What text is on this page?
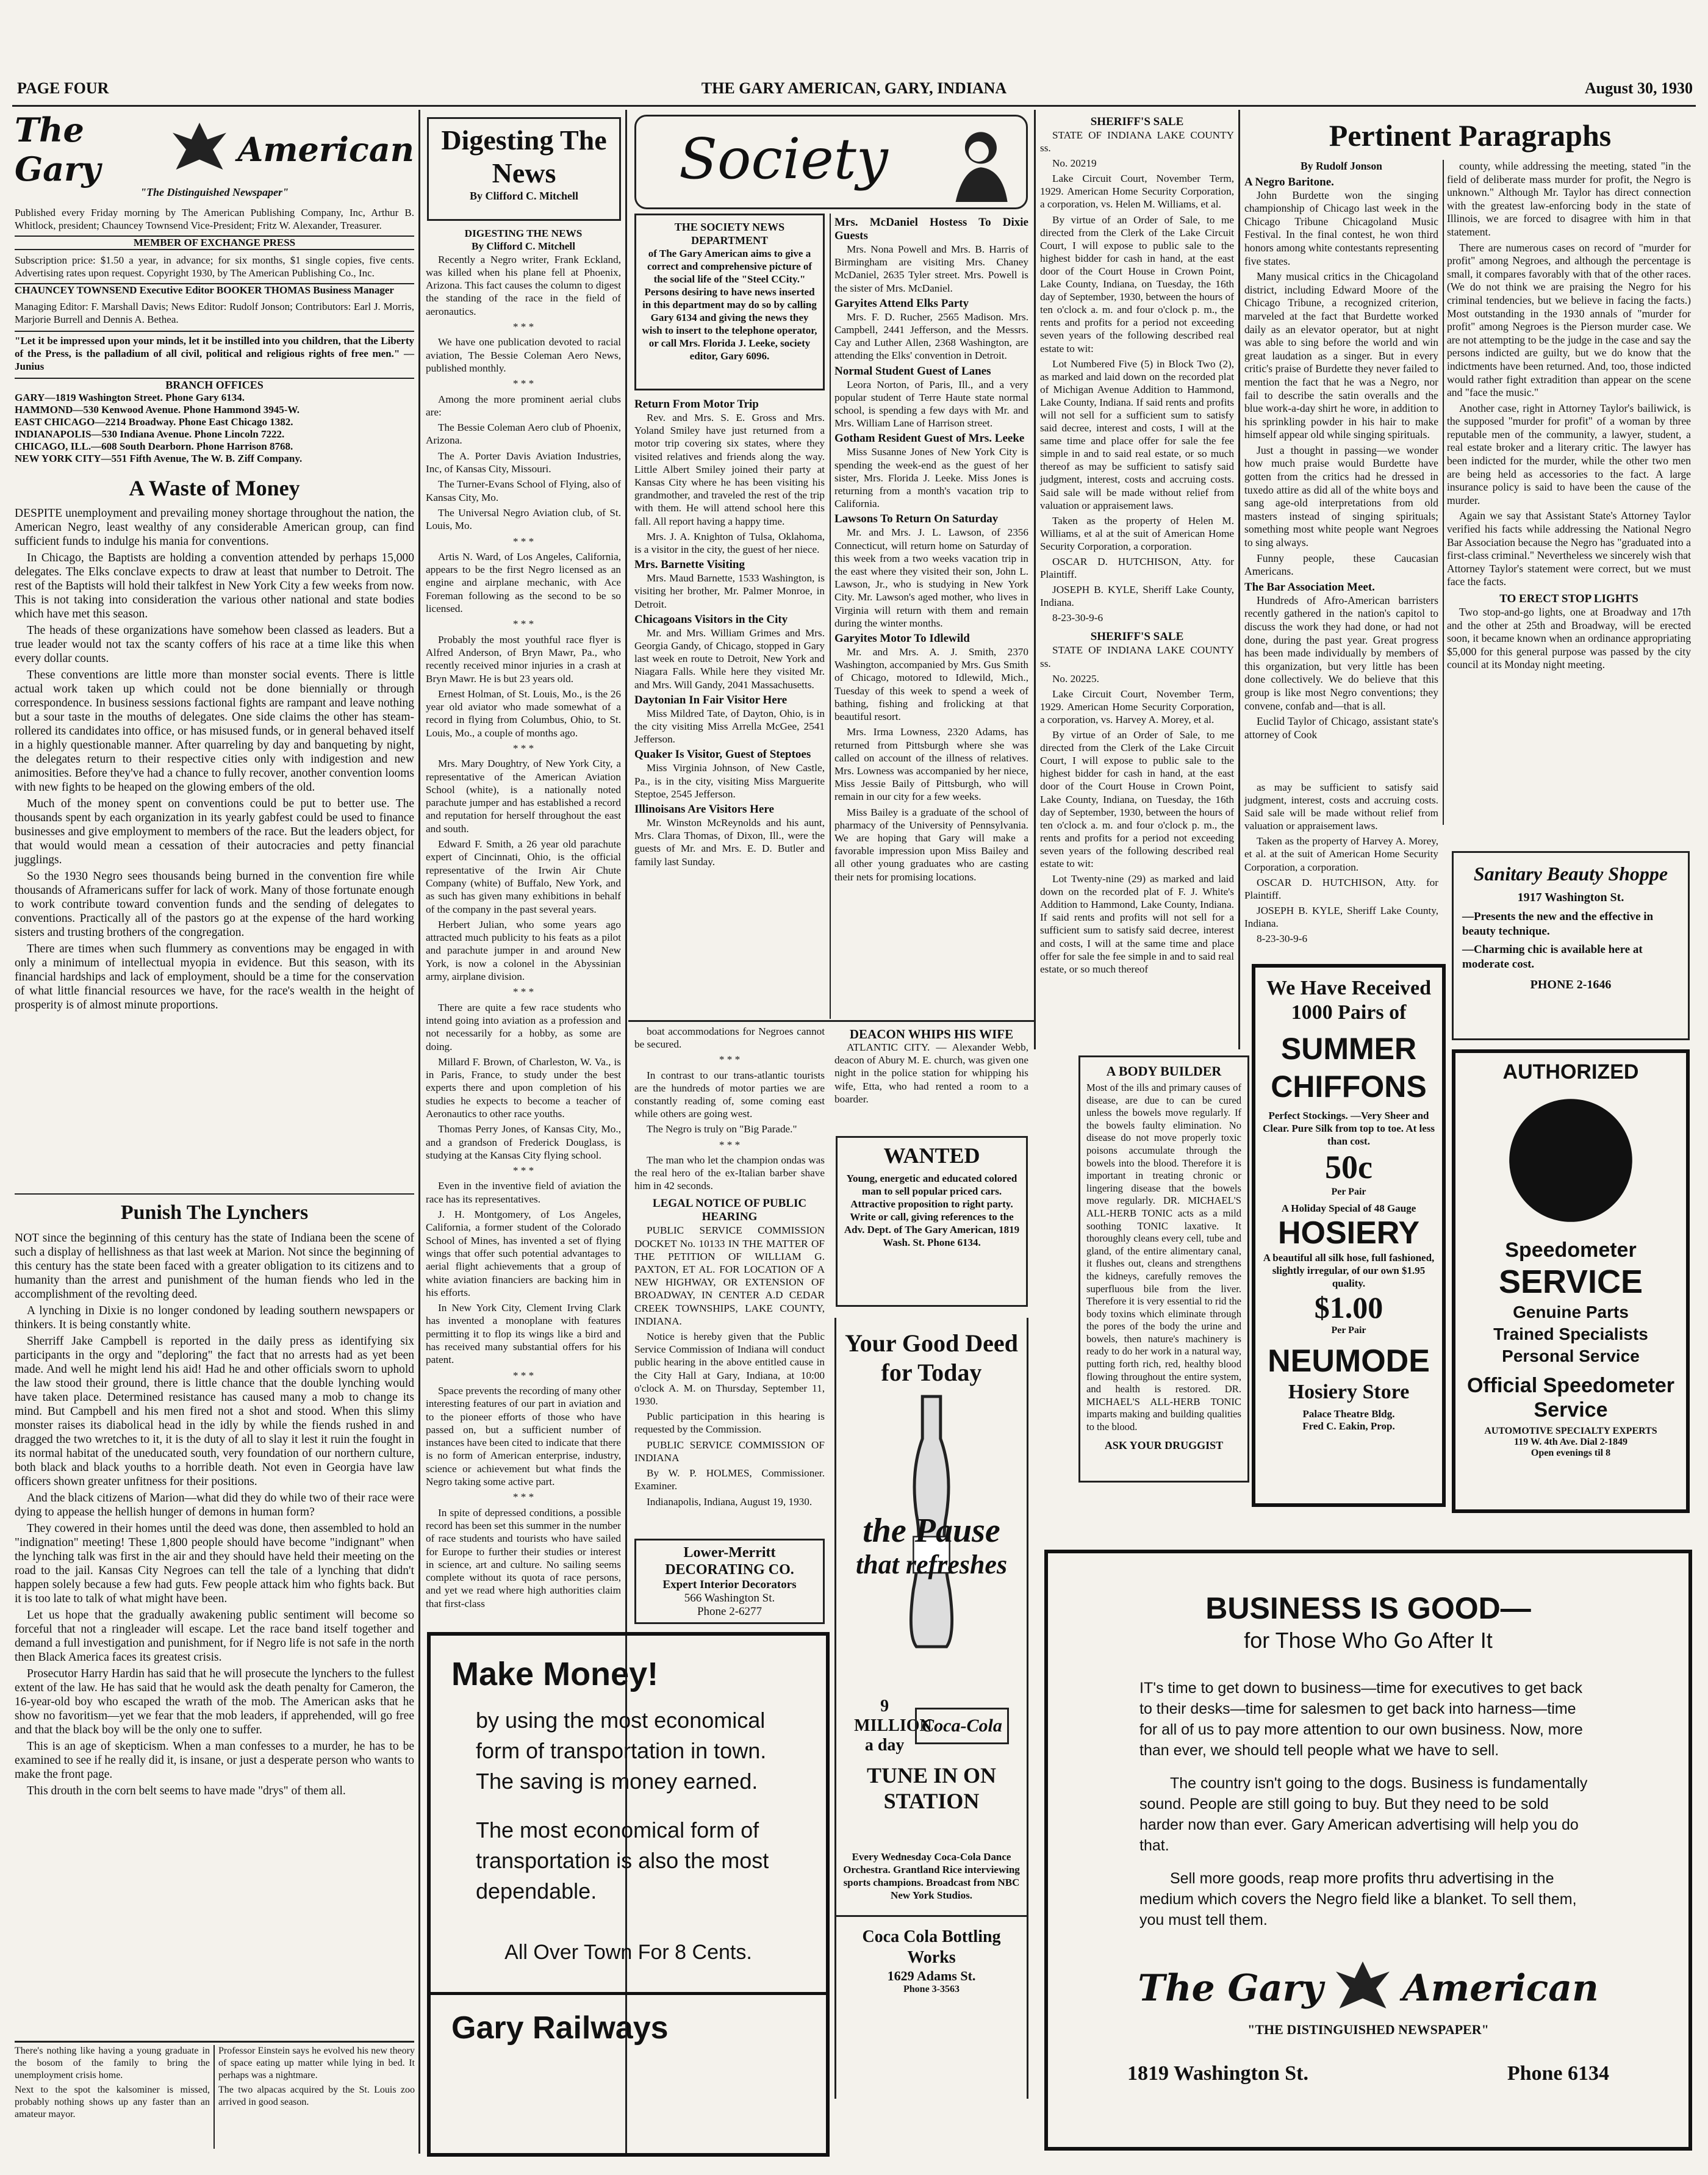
PAGE FOUR	THE GARY AMERICAN, GARY, INDIANA	August 30, 1930
The Gary	American
"The Distinguished Newspaper"
Published every Friday morning by The American Publishing Company, Inc, Arthur B. Whitlock, president; Chauncey Townsend Vice-President; Fritz W. Alexander, Treasurer.
MEMBER OF EXCHANGE PRESS
Subscription price: $1.50 a year, in advance; for six months, $1 single copies, five cents. Advertising rates upon request. Copyright 1930, by The American Publishing Co., Inc.
CHAUNCEY TOWNSEND Executive Editor BOOKER THOMAS Business Manager
Managing Editor: F. Marshall Davis; News Editor: Rudolf Jonson; Contributors: Earl J. Morris, Marjorie Burrell and Dennis A. Bethea.
"Let it be impressed upon your minds, let it be instilled into you children, that the Liberty of the Press, is the palladium of all civil, political and religious rights of free men." —Junius
BRANCH OFFICES
GARY—1819 Washington Street. Phone Gary 6134.
HAMMOND—530 Kenwood Avenue. Phone Hammond 3945-W.
EAST CHICAGO—2214 Broadway. Phone East Chicago 1382.
INDIANAPOLIS—530 Indiana Avenue. Phone Lincoln 7222.
CHICAGO, ILL.—608 South Dearborn. Phone Harrison 8768.
NEW YORK CITY—551 Fifth Avenue, The W. B. Ziff Company.
A Waste of Money

DESPITE unemployment and prevailing money shortage throughout the nation, the American Negro, least wealthy of any considerable American group, can find sufficient funds to indulge his mania for conventions.

In Chicago, the Baptists are holding a convention attended by perhaps 15,000 delegates. The Elks conclave expects to draw at least that number to Detroit. The rest of the Baptists will hold their talkfest in New York City a few weeks from now. This is not taking into consideration the various other national and state bodies which have met this season.

The heads of these organizations have somehow been classed as leaders. But a true leader would not tax the scanty coffers of his race at a time like this when every dollar counts.

These conventions are little more than monster social events. There is little actual work taken up which could not be done biennially or through correspondence. In business sessions factional fights are rampant and leave nothing but a sour taste in the mouths of delegates. One side claims the other has steam-rollered its candidates into office, or has misused funds, or in general behaved itself in a highly questionable manner. After quarreling by day and banqueting by night, the delegates return to their respective cities only with indigestion and new animosities. Before they've had a chance to fully recover, another convention looms with new fights to be heaped on the glowing embers of the old.

Much of the money spent on conventions could be put to better use. The thousands spent by each organization in its yearly gabfest could be used to finance businesses and give employment to members of the race. But the leaders object, for that would would mean a cessation of their autocracies and petty financial jugglings.

So the 1930 Negro sees thousands being burned in the convention fire while thousands of Aframericans suffer for lack of work. Many of those fortunate enough to work contribute toward convention funds and the sending of delegates to conventions. Practically all of the pastors go at the expense of the hard working sisters and trusting brothers of the congregation.

There are times when such flummery as conventions may be engaged in with only a minimum of intellectual myopia in evidence. But this season, with its financial hardships and lack of employment, should be a time for the conservation of what little financial resources we have, for the race's wealth in the height of prosperity is of almost minute proportions.

Punish The Lynchers

NOT since the beginning of this century has the state of Indiana been the scene of such a display of hellishness as that last week at Marion. Not since the beginning of this century has the state been faced with a greater obligation to its citizens and to humanity than the arrest and punishment of the human fiends who led in the accomplishment of the revolting deed.

A lynching in Dixie is no longer condoned by leading southern newspapers or thinkers. It is being constantly white.

Sherriff Jake Campbell is reported in the daily press as identifying six participants in the orgy and "deploring" the fact that no arrests had as yet been made. And well he might lend his aid! Had he and other officials sworn to uphold the law stood their ground, there is little chance that the double lynching would have taken place. Determined resistance has caused many a mob to change its mind. But Campbell and his men fired not a shot and stood. When this slimy monster raises its diabolical head in the idly by while the fiends rushed in and dragged the two wretches to it, it is the duty of all to slay it lest it ruin the fought in its normal habitat of the uneducated south, very foundation of our northern culture, both black and black youths to a horrible death. Not even in Georgia have law officers shown greater unfitness for their positions.

And the black citizens of Marion—what did they do while two of their race were dying to appease the hellish hunger of demons in human form?

They cowered in their homes until the deed was done, then assembled to hold an "indignation" meeting! These 1,800 people should have become "indignant" when the lynching talk was first in the air and they should have held their meeting on the road to the jail. Kansas City Negroes can tell the tale of a lynching that didn't happen solely because a few had guts. Few people attack him who fights back. But it is too late to talk of what might have been.

Let us hope that the gradually awakening public sentiment will become so forceful that not a ringleader will escape. Let the race band itself together and demand a full investigation and punishment, for if Negro life is not safe in the north then Black America faces its greatest crisis.

Prosecutor Harry Hardin has said that he will prosecute the lynchers to the fullest extent of the law. He has said that he would ask the death penalty for Cameron, the 16-year-old boy who escaped the wrath of the mob. The American asks that he show no favoritism—yet we fear that the mob leaders, if apprehended, will go free and that the black boy will be the only one to suffer.

This is an age of skepticism. When a man confesses to a murder, he has to be examined to see if he really did it, is insane, or just a desperate person who wants to make the front page.

This drouth in the corn belt seems to have made "drys" of them all.

There's nothing like having a young graduate in the bosom of the family to bring the unemployment crisis home.

Next to the spot the kalsominer is missed, probably nothing shows up any faster than an amateur mayor.

Professor Einstein says he evolved his new theory of space eating up matter while lying in bed. It perhaps was a nightmare.

The two alpacas acquired by the St. Louis zoo arrived in good season.

Digesting The News
By Clifford C. Mitchell
DIGESTING THE NEWS
By Clifford C. Mitchell

Recently a Negro writer, Frank Eckland, was killed when his plane fell at Phoenix, Arizona. This fact causes the column to digest the standing of the race in the field of aeronautics.

* * *

We have one publication devoted to racial aviation, The Bessie Coleman Aero News, published monthly.

* * *

Among the more prominent aerial clubs are:

The Bessie Coleman Aero club of Phoenix, Arizona.

The A. Porter Davis Aviation Industries, Inc, of Kansas City, Missouri.

The Turner-Evans School of Flying, also of Kansas City, Mo.

The Universal Negro Aviation club, of St. Louis, Mo.

* * *

Artis N. Ward, of Los Angeles, California, appears to be the first Negro licensed as an engine and airplane mechanic, with Ace Foreman following as the second to be so licensed.

* * *

Probably the most youthful race flyer is Alfred Anderson, of Bryn Mawr, Pa., who recently received minor injuries in a crash at Bryn Mawr. He is but 23 years old.

Ernest Holman, of St. Louis, Mo., is the 26 year old aviator who made somewhat of a record in flying from Columbus, Ohio, to St. Louis, Mo., a couple of months ago.

* * *

Mrs. Mary Doughtry, of New York City, a representative of the American Aviation School (white), is a nationally noted parachute jumper and has established a record and reputation for herself throughout the east and south.

Edward F. Smith, a 26 year old parachute expert of Cincinnati, Ohio, is the official representative of the Irwin Air Chute Company (white) of Buffalo, New York, and as such has given many exhibitions in behalf of the company in the past several years.

Herbert Julian, who some years ago attracted much publicity to his feats as a pilot and parachute jumper in and around New York, is now a colonel in the Abyssinian army, airplane division.

* * *

There are quite a few race students who intend going into aviation as a profession and not necessarily for a hobby, as some are doing.

Millard F. Brown, of Charleston, W. Va., is in Paris, France, to study under the best experts there and upon completion of his studies he expects to become a teacher of Aeronautics to other race youths.

Thomas Perry Jones, of Kansas City, Mo., and a grandson of Frederick Douglass, is studying at the Kansas City flying school.

* * *

Even in the inventive field of aviation the race has its representatives.

J. H. Montgomery, of Los Angeles, California, a former student of the Colorado School of Mines, has invented a set of flying wings that offer such potential advantages to aerial flight achievements that a group of white aviation financiers are backing him in his efforts.

In New York City, Clement Irving Clark has invented a monoplane with features permitting it to flop its wings like a bird and has received many substantial offers for his patent.

* * *

Space prevents the recording of many other interesting features of our part in aviation and to the pioneer efforts of those who have passed on, but a sufficient number of instances have been cited to indicate that there is no form of American enterprise, industry, science or achievement but what finds the Negro taking some active part.

* * *

In spite of depressed conditions, a possible record has been set this summer in the number of race students and tourists who have sailed for Europe to further their studies or interest in science, art and culture. No sailing seems complete without its quota of race persons, and yet we read where high authorities claim that first-class

Society
THE SOCIETY NEWS DEPARTMENT
of The Gary American aims to give a correct and comprehensive picture of the social life of the "Steel CCity." Persons desiring to have news inserted in this department may do so by calling Gary 6134 and giving the news they wish to insert to the telephone operator, or call Mrs. Florida J. Leeke, society editor, Gary 6096.
Return From Motor Trip

Rev. and Mrs. S. E. Gross and Mrs. Yoland Smiley have just returned from a motor trip covering six states, where they visited relatives and friends along the way. Little Albert Smiley joined their party at Kansas City where he has been visiting his grandmother, and traveled the rest of the trip with them. He will attend school here this fall. All report having a happy time.

Mrs. J. A. Knighton of Tulsa, Oklahoma, is a visitor in the city, the guest of her niece.

Mrs. Barnette Visiting

Mrs. Maud Barnette, 1533 Washington, is visiting her brother, Mr. Palmer Monroe, in Detroit.

Chicagoans Visitors in the City

Mr. and Mrs. William Grimes and Mrs. Georgia Gandy, of Chicago, stopped in Gary last week en route to Detroit, New York and Niagara Falls. While here they visited Mr. and Mrs. Will Gandy, 2041 Massachusetts.

Daytonian In Fair Visitor Here

Miss Mildred Tate, of Dayton, Ohio, is in the city visiting Miss Arrella McGee, 2541 Jefferson.

Quaker Is Visitor, Guest of Steptoes

Miss Virginia Johnson, of New Castle, Pa., is in the city, visiting Miss Marguerite Steptoe, 2545 Jefferson.

Illinoisans Are Visitors Here

Mr. Winston McReynolds and his aunt, Mrs. Clara Thomas, of Dixon, Ill., were the guests of Mr. and Mrs. E. D. Butler and family last Sunday.

Mrs. McDaniel Hostess To Dixie Guests

Mrs. Nona Powell and Mrs. B. Harris of Birmingham are visiting Mrs. Chaney McDaniel, 2635 Tyler street. Mrs. Powell is the sister of Mrs. McDaniel.

Garyites Attend Elks Party

Mrs. F. D. Rucher, 2565 Madison. Mrs. Campbell, 2441 Jefferson, and the Messrs. Cay and Luther Allen, 2368 Washington, are attending the Elks' convention in Detroit.

Normal Student Guest of Lanes

Leora Norton, of Paris, Ill., and a very popular student of Terre Haute state normal school, is spending a few days with Mr. and Mrs. William Lane of Harrison street.

Gotham Resident Guest of Mrs. Leeke

Miss Susanne Jones of New York City is spending the week-end as the guest of her sister, Mrs. Florida J. Leeke. Miss Jones is returning from a month's vacation trip to California.

Lawsons To Return On Saturday

Mr. and Mrs. J. L. Lawson, of 2356 Connecticut, will return home on Saturday of this week from a two weeks vacation trip in the east where they visited their son, John L. Lawson, Jr., who is studying in New York City. Mr. Lawson's aged mother, who lives in Virginia will return with them and remain during the winter months.

Garyites Motor To Idlewild

Mr. and Mrs. A. J. Smith, 2370 Washington, accompanied by Mrs. Gus Smith of Chicago, motored to Idlewild, Mich., Tuesday of this week to spend a week of bathing, fishing and frolicking at that beautiful resort.

Mrs. Irma Lowness, 2320 Adams, has returned from Pittsburgh where she was called on account of the illness of relatives. Mrs. Lowness was accompanied by her niece, Miss Jessie Baily of Pittsburgh, who will remain in our city for a few weeks.

Miss Bailey is a graduate of the school of pharmacy of the University of Pennsylvania. We are hoping that Gary will make a favorable impression upon Miss Bailey and all other young graduates who are casting their nets for promising locations.

boat accommodations for Negroes cannot be secured.

* * *

In contrast to our trans-atlantic tourists are the hundreds of motor parties we are constantly reading of, some coming east while others are going west.

The Negro is truly on "Big Parade."

* * *

The man who let the champion ondas was the real hero of the ex-Italian barber shave him in 42 seconds.

LEGAL NOTICE OF PUBLIC HEARING

PUBLIC SERVICE COMMISSION DOCKET No. 10133 IN THE MATTER OF THE PETITION OF WILLIAM G. PAXTON, ET AL. FOR LOCATION OF A NEW HIGHWAY, OR EXTENSION OF BROADWAY, IN CENTER A.D CEDAR CREEK TOWNSHIPS, LAKE COUNTY, INDIANA.

Notice is hereby given that the Public Service Commission of Indiana will conduct public hearing in the above entitled cause in the City Hall at Gary, Indiana, at 10:00 o'clock A. M. on Thursday, September 11, 1930.

Public participation in this hearing is requested by the Commission.

PUBLIC SERVICE COMMISSION OF INDIANA

By W. P. HOLMES, Commissioner. Examiner.

Indianapolis, Indiana, August 19, 1930.

DEACON WHIPS HIS WIFE

ATLANTIC CITY. — Alexander Webb, deacon of Abury M. E. church, was given one night in the police station for whipping his wife, Etta, who had rented a room to a boarder.

WANTED
Young, energetic and educated colored man to sell popular priced cars. Attractive proposition to right party. Write or call, giving references to the Adv. Dept. of The Gary American, 1819 Wash. St. Phone 6134.
Lower-Merritt DECORATING CO.
Expert Interior Decorators
566 Washington St.
Phone 2-6277
Make Money!
by using the most economical form of transportation in town. The saving is money earned.
The most economical form of transportation is also the most dependable.
All Over Town For 8 Cents.
Gary Railways
Your Good Deed for Today
the Pause
that refreshes
9 MILLION a day
Coca-Cola
TUNE IN ON STATION
Every Wednesday Coca-Cola Dance Orchestra. Grantland Rice interviewing sports champions. Broadcast from NBC New York Studios.
Coca Cola Bottling Works
1629 Adams St.
Phone 3-3563
SHERIFF'S SALE

STATE OF INDIANA LAKE COUNTY ss.

No. 20219

Lake Circuit Court, November Term, 1929. American Home Security Corporation, a corporation, vs. Helen M. Williams, et al.

By virtue of an Order of Sale, to me directed from the Clerk of the Lake Circuit Court, I will expose to public sale to the highest bidder for cash in hand, at the east door of the Court House in Crown Point, Lake County, Indiana, on Tuesday, the 16th day of September, 1930, between the hours of ten o'clock a. m. and four o'clock p. m., the rents and profits for a period not exceeding seven years of the following described real estate to wit:

Lot Numbered Five (5) in Block Two (2), as marked and laid down on the recorded plat of Michigan Avenue Addition to Hammond, Lake County, Indiana. If said rents and profits will not sell for a sufficient sum to satisfy said decree, interest and costs, I will at the same time and place offer for sale the fee simple in and to said real estate, or so much thereof as may be sufficient to satisfy said judgment, interest, costs and accruing costs. Said sale will be made without relief from valuation or appraisement laws.

Taken as the property of Helen M. Williams, et al at the suit of American Home Security Corporation, a corporation.

OSCAR D. HUTCHISON, Atty. for Plaintiff.

JOSEPH B. KYLE, Sheriff Lake County, Indiana.

8-23-30-9-6

SHERIFF'S SALE

STATE OF INDIANA LAKE COUNTY ss.

No. 20225.

Lake Circuit Court, November Term, 1929. American Home Security Corporation, a corporation, vs. Harvey A. Morey, et al.

By virtue of an Order of Sale, to me directed from the Clerk of the Lake Circuit Court, I will expose to public sale to the highest bidder for cash in hand, at the east door of the Court House in Crown Point, Lake County, Indiana, on Tuesday, the 16th day of September, 1930, between the hours of ten o'clock a. m. and four o'clock p. m., the rents and profits for a period not exceeding seven years of the following described real estate to wit:

Lot Twenty-nine (29) as marked and laid down on the recorded plat of F. J. White's Addition to Hammond, Lake County, Indiana. If said rents and profits will not sell for a sufficient sum to satisfy said decree, interest and costs, I will at the same time and place offer for sale the fee simple in and to said real estate, or so much thereof

as may be sufficient to satisfy said judgment, interest, costs and accruing costs. Said sale will be made without relief from valuation or appraisement laws.

Taken as the property of Harvey A. Morey, et al. at the suit of American Home Security Corporation, a corporation.

OSCAR D. HUTCHISON, Atty. for Plaintiff.

JOSEPH B. KYLE, Sheriff Lake County, Indiana.

8-23-30-9-6

Pertinent Paragraphs
By Rudolf Jonson
A Negro Baritone.

John Burdette won the singing championship of Chicago last week in the Chicago Tribune Chicagoland Music Festival. In the final contest, he won third honors among white contestants representing five states.

Many musical critics in the Chicagoland district, including Edward Moore of the Chicago Tribune, a recognized criterion, marveled at the fact that Burdette worked daily as an elevator operator, but at night was able to sing before the world and win great laudation as a singer. But in every critic's praise of Burdette they never failed to mention the fact that he was a Negro, nor fail to describe the satin overalls and the blue work-a-day shirt he wore, in addition to his sprinkling powder in his hair to make himself appear old while singing spirituals.

Just a thought in passing—we wonder how much praise would Burdette have gotten from the critics had he dressed in tuxedo attire as did all of the white boys and sang age-old interpretations from old masters instead of singing spirituals; something most white people want Negroes to sing always.

Funny people, these Caucasian Americans.

The Bar Association Meet.

Hundreds of Afro-American barristers recently gathered in the nation's capitol to discuss the work they had done, or had not done, during the past year. Great progress has been made individually by members of this organization, but very little has been done collectively. We do believe that this group is like most Negro conventions; they convene, confab and—that is all.

Euclid Taylor of Chicago, assistant state's attorney of Cook

county, while addressing the meeting, stated "in the field of deliberate mass murder for profit, the Negro is unknown." Although Mr. Taylor has direct connection with the greatest law-enforcing body in the state of Illinois, we are forced to disagree with him in that statement.

There are numerous cases on record of "murder for profit" among Negroes, and although the percentage is small, it compares favorably with that of the other races. (We do not think we are praising the Negro for his criminal tendencies, but we believe in facing the facts.) Most outstanding in the 1930 annals of "murder for profit" among Negroes is the Pierson murder case. We are not attempting to be the judge in the case and say the persons indicted are guilty, but we do know that the indictments have been returned. And, too, those indicted would rather fight extradition than appear on the scene and "face the music."

Another case, right in Attorney Taylor's bailiwick, is the supposed "murder for profit" of a woman by three reputable men of the community, a lawyer, student, a real estate broker and a literary critic. The lawyer has been indicted for the murder, while the other two men are being held as accessories to the fact. A large insurance policy is said to have been the cause of the murder.

Again we say that Assistant State's Attorney Taylor verified his facts while addressing the National Negro Bar Association because the Negro has "graduated into a first-class criminal." Nevertheless we sincerely wish that Attorney Taylor's statement were correct, but we must face the facts.

TO ERECT STOP LIGHTS

Two stop-and-go lights, one at Broadway and 17th and the other at 25th and Broadway, will be erected soon, it became known when an ordinance appropriating $5,000 for this general purpose was passed by the city council at its Monday night meeting.

Sanitary Beauty Shoppe
1917 Washington St.
—Presents the new and the effective in beauty technique.
—Charming chic is available here at moderate cost.
PHONE 2-1646
A BODY BUILDER
Most of the ills and primary causes of disease, are due to can be cured unless the bowels move regularly. If the bowels faulty elimination. No disease do not move properly toxic poisons accumulate through the bowels into the blood. Therefore it is important in treating chronic or lingering disease that the bowels move regularly. DR. MICHAEL'S ALL-HERB TONIC acts as a mild soothing TONIC laxative. It thoroughly cleans every cell, tube and gland, of the entire alimentary canal, it flushes out, cleans and strengthens the kidneys, carefully removes the superfluous bile from the liver. Therefore it is very essential to rid the body toxins which eliminate through the pores of the body the urine and bowels, then nature's machinery is ready to do her work in a natural way, putting forth rich, red, healthy blood flowing throughout the entire system, and health is restored. DR. MICHAEL'S ALL-HERB TONIC imparts making and building qualities to the blood.
ASK YOUR DRUGGIST
We Have Received
1000 Pairs of
SUMMER CHIFFONS
Perfect Stockings. —Very Sheer and Clear. Pure Silk from top to toe. At less than cost.
50c
Per Pair
A Holiday Special of 48 Gauge
HOSIERY
A beautiful all silk hose, full fashioned, slightly irregular, of our own $1.95 quality.
$1.00
Per Pair
NEUMODE
Hosiery Store
Palace Theatre Bldg.
Fred C. Eakin, Prop.
AUTHORIZED
Speedometer
SERVICE
Genuine Parts
Trained Specialists
Personal Service
Official Speedometer Service
AUTOMOTIVE SPECIALTY EXPERTS
119 W. 4th Ave. Dial 2-1849
Open evenings til 8
BUSINESS IS GOOD—
for Those Who Go After It
IT's time to get down to business—time for executives to get back to their desks—time for salesmen to get back into harness—time for all of us to pay more attention to our own business. Now, more than ever, we should tell people what we have to sell.
The country isn't going to the dogs. Business is fundamentally sound. People are still going to buy. But they need to be sold harder now than ever. Gary American advertising will help you do that.
Sell more goods, reap more profits thru advertising in the medium which covers the Negro field like a blanket. To sell them, you must tell them.
The Gary American
"THE DISTINGUISHED NEWSPAPER"
1819 Washington St.	Phone 6134
